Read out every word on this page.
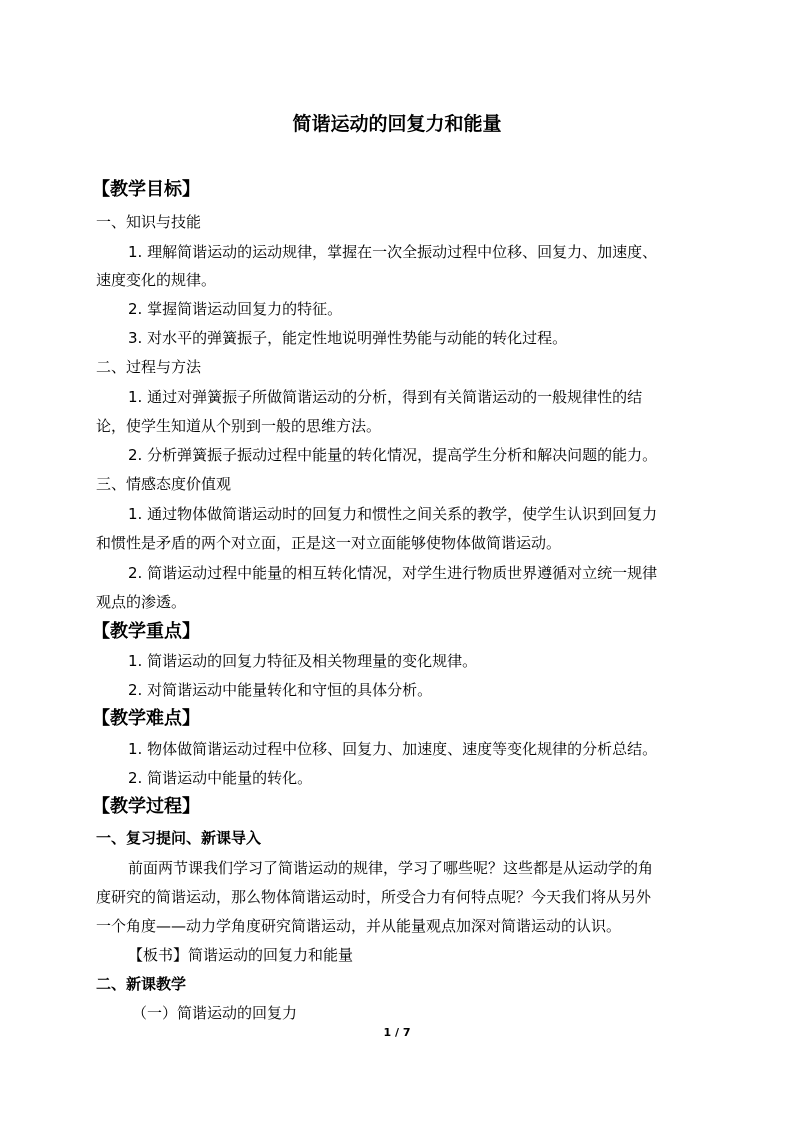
简谐运动的回复力和能量
【教学目标】
一、知识与技能
1. 理解简谐运动的运动规律，掌握在一次全振动过程中位移、回复力、加速度、
速度变化的规律。
2. 掌握简谐运动回复力的特征。
3. 对水平的弹簧振子，能定性地说明弹性势能与动能的转化过程。
二、过程与方法
1. 通过对弹簧振子所做简谐运动的分析，得到有关简谐运动的一般规律性的结
论，使学生知道从个别到一般的思维方法。
2. 分析弹簧振子振动过程中能量的转化情况，提高学生分析和解决问题的能力。
三、情感态度价值观
1. 通过物体做简谐运动时的回复力和惯性之间关系的教学，使学生认识到回复力
和惯性是矛盾的两个对立面，正是这一对立面能够使物体做简谐运动。
2. 简谐运动过程中能量的相互转化情况，对学生进行物质世界遵循对立统一规律
观点的渗透。
【教学重点】
1. 简谐运动的回复力特征及相关物理量的变化规律。
2. 对简谐运动中能量转化和守恒的具体分析。
【教学难点】
1. 物体做简谐运动过程中位移、回复力、加速度、速度等变化规律的分析总结。
2. 简谐运动中能量的转化。
【教学过程】
一、复习提问、新课导入
前面两节课我们学习了简谐运动的规律，学习了哪些呢？这些都是从运动学的角
度研究的简谐运动，那么物体简谐运动时，所受合力有何特点呢？今天我们将从另外
一个角度——动力学角度研究简谐运动，并从能量观点加深对简谐运动的认识。
【板书】简谐运动的回复力和能量
二、新课教学
（一）简谐运动的回复力
1 / 7
